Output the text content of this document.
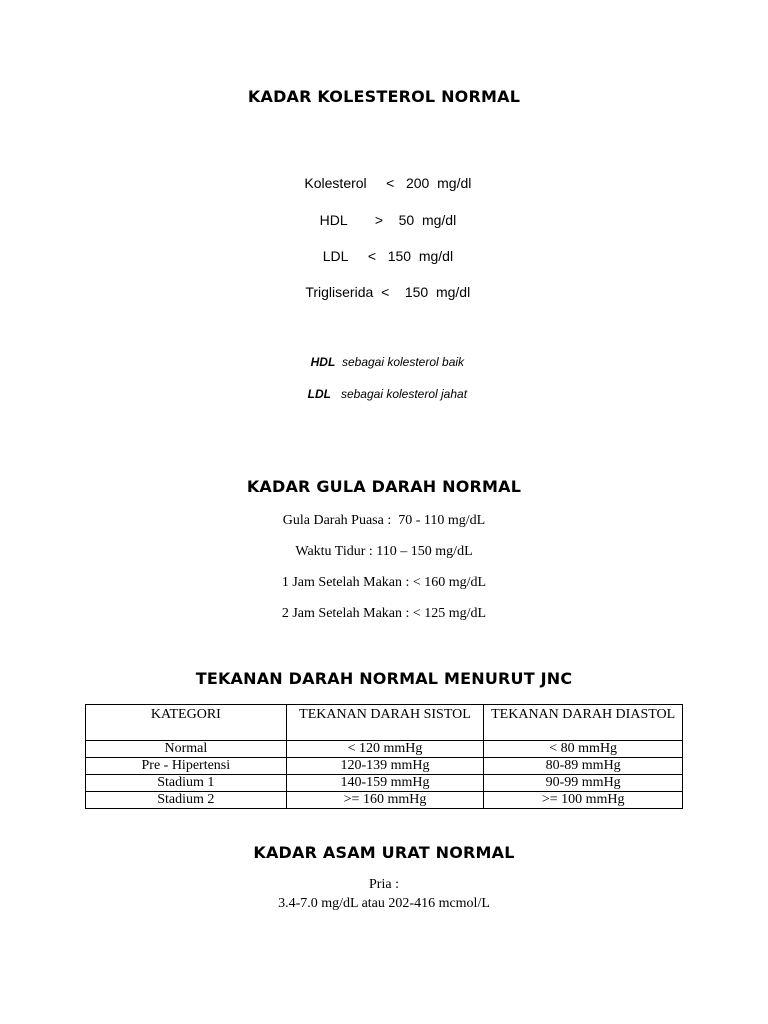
KADAR KOLESTEROL NORMAL

Kolesterol < 200 mg/dl

HDL > 50 mg/dl

LDL < 150 mg/dl

Trigliserida < 150 mg/dl

HDL sebagai kolesterol baik

LDL sebagai kolesterol jahat

KADAR GULA DARAH NORMAL
Gula Darah Puasa :  70 - 110 mg/dL
Waktu Tidur : 110 – 150 mg/dL
1 Jam Setelah Makan : < 160 mg/dL
2 Jam Setelah Makan : < 125 mg/dL
TEKANAN DARAH NORMAL MENURUT JNC
KATEGORI	TEKANAN DARAH SISTOL	TEKANAN DARAH DIASTOL
Normal	< 120 mmHg	< 80 mmHg
Pre - Hipertensi	120-139 mmHg	80-89 mmHg
Stadium 1	140-159 mmHg	90-99 mmHg
Stadium 2	>= 160 mmHg	>= 100 mmHg
KADAR ASAM URAT NORMAL
Pria :
3.4-7.0 mg/dL atau 202-416 mcmol/L
